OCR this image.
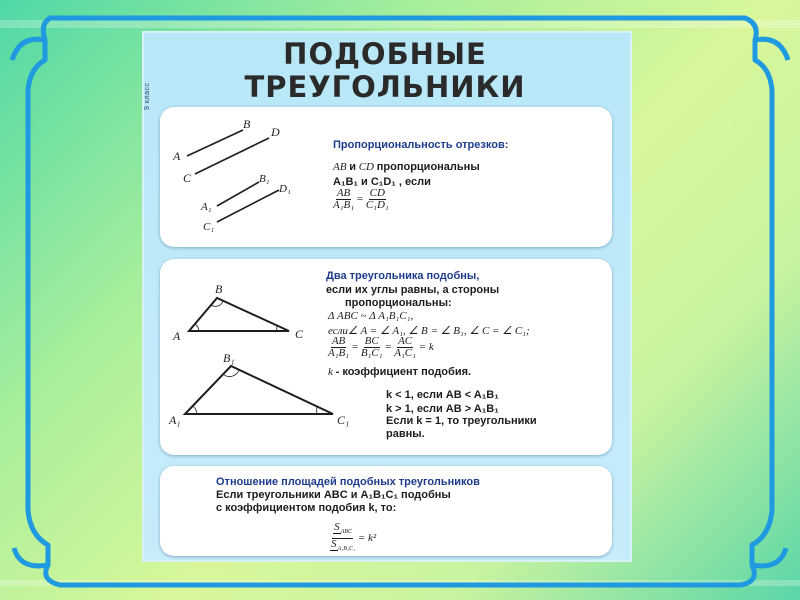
9 класс
ПОДОБНЫЕ
ТРЕУГОЛЬНИКИ
A
B
C
D
A₁
B₁
C₁
D₁
Пропорциональность отрезков:
AB и CD пропорциональны
A₁B₁ и C₁D₁ , если
$\frac{AB}{\text{A₁B₁}} = \frac{CD}{\text{C₁D₁}}$
A
B
C
A₁
B₁
C₁
Два треугольника подобны,
если их углы равны, а стороны
пропорциональны:
Δ ABC ~ Δ A₁B₁C₁,
если∠ A = ∠ A₁, ∠ B = ∠ B₁, ∠ C = ∠ C₁;
$\frac{AB}{\text{A₁B₁}} = \frac{BC}{\text{B₁C₁}} = \frac{AC}{\text{A₁C₁}} = k$
k - коэффициент подобия.
k < 1, если AB < A₁B₁
k > 1, если AB > A₁B₁
Если k = 1, то треугольники
равны.
Отношение площадей подобных треугольников
Если треугольники ABC и A₁B₁C₁ подобны
с коэффициентом подобия k, то:
$\frac{S_{ABC}}{S_{A_1B_1C_1}} = k^2$
